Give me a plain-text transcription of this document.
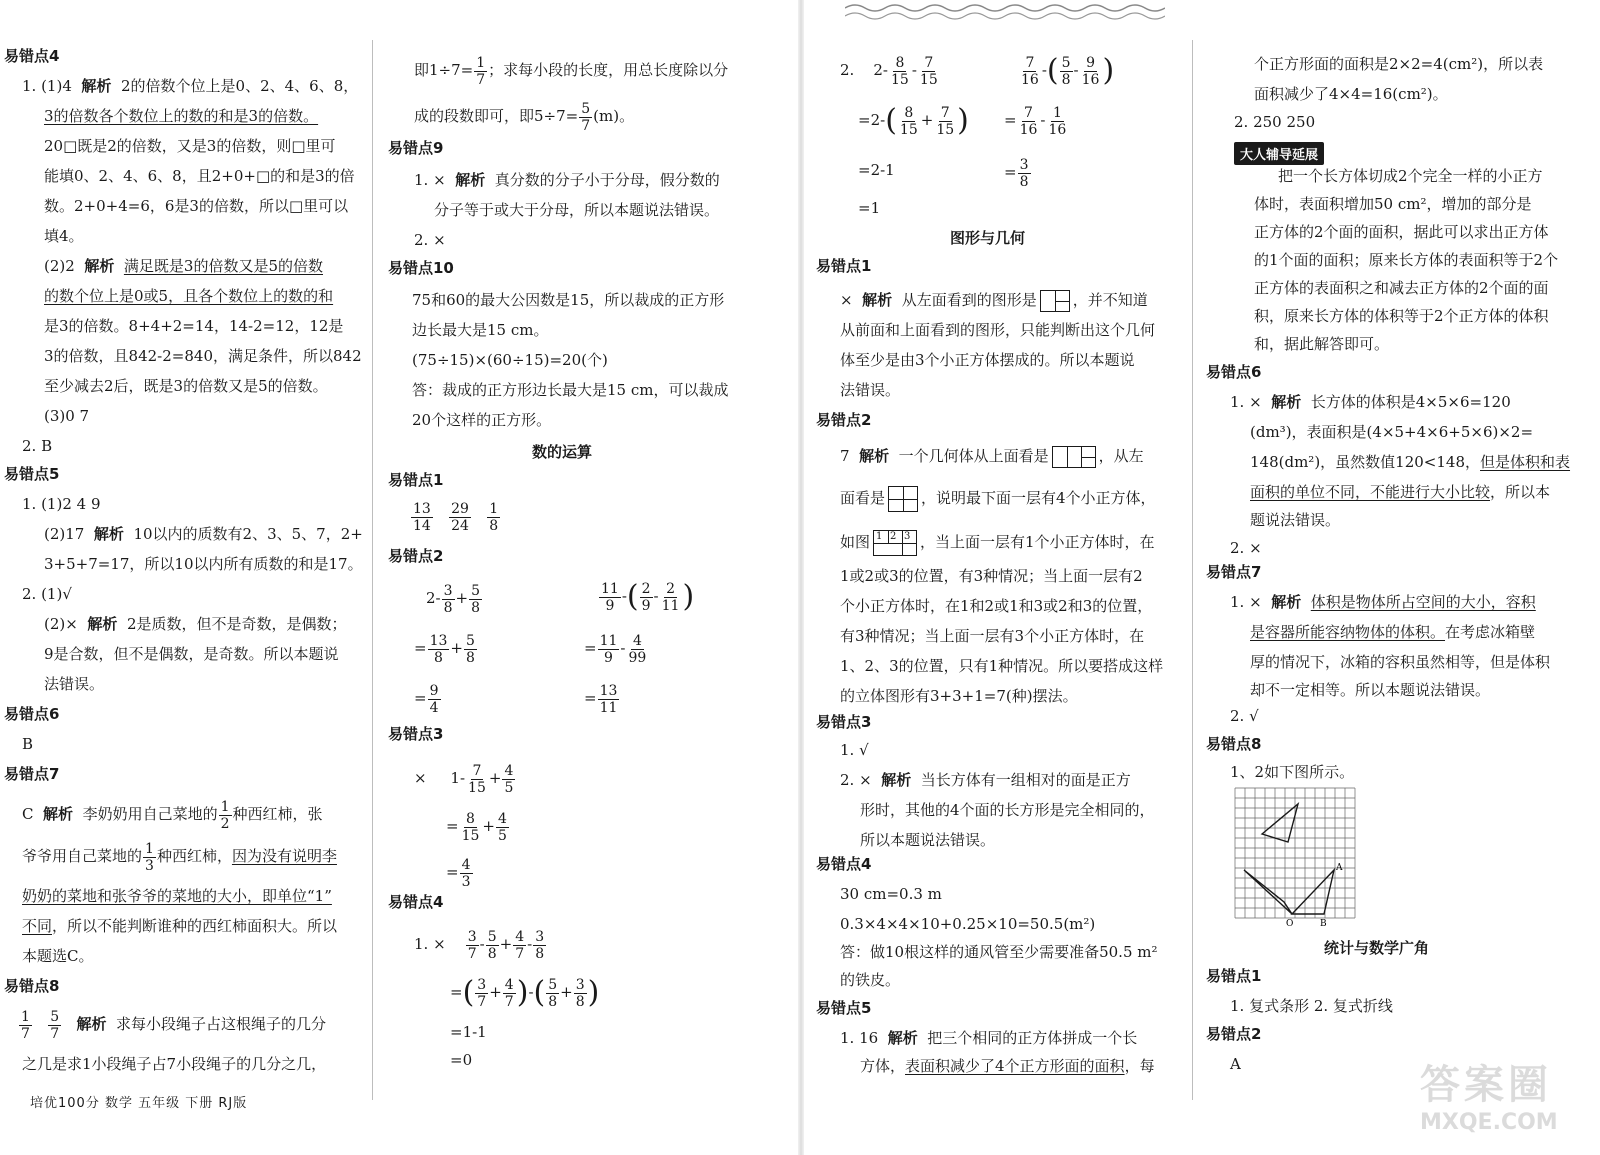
易错点4
1. (1)4 解析 2的倍数个位上是0、2、4、6、8，
3的倍数各个数位上的数的和是3的倍数。
20□既是2的倍数，又是3的倍数，则□里可
能填0、2、4、6、8，且2+0+□的和是3的倍
数。2+0+4=6，6是3的倍数，所以□里可以
填4。
(2)2 解析 满足既是3的倍数又是5的倍数
的数个位上是0或5，且各个数位上的数的和
是3的倍数。8+4+2=14，14-2=12，12是
3的倍数，且842-2=840，满足条件，所以842
至少减去2后，既是3的倍数又是5的倍数。
(3)0 7
2. B
易错点5
1. (1)2 4 9
(2)17 解析 10以内的质数有2、3、5、7，2+
3+5+7=17，所以10以内所有质数的和是17。
2. (1)√
(2)× 解析 2是质数，但不是奇数，是偶数；
9是合数，但不是偶数，是奇数。所以本题说
法错误。
易错点6
B
易错点7
C 解析 李奶奶用自己菜地的 $\frac{1}{2}$ 种西红柿，张
爷爷用自己菜地的 $\frac{1}{3}$ 种西红柿，因为没有说明李
奶奶的菜地和张爷爷的菜地的大小，即单位“1”
不同，所以不能判断谁种的西红柿面积大。所以
本题选C。
易错点8
$\frac{1}{7}$
$\frac{5}{7}$ 解析 求每小段绳子占这根绳子的几分
之几是求1小段绳子占7小段绳子的几分之几，
培优100分 数学 五年级 下册 RJ版
即$1\div 7= \frac{1}{7}$ ；求每小段的长度，用总长度除以分
成的段数即可，即$5\div 7= \frac{5}{7} (m)$。
易错点9
1. × 解析 真分数的分子小于分母，假分数的
分子等于或大于分母，所以本题说法错误。
2. ×
易错点10
75和60的最大公因数是15，所以裁成的正方形
边长最大是15 cm。
(75÷15)×(60÷15)=20(个)
答：裁成的正方形边长最大是15 cm，可以裁成
20个这样的正方形。
数的运算
易错点1
$\frac{13}{14}$
$\frac{29}{24}$
$\frac{1}{8}$
易错点2
$2- \frac{3}{8} + \frac{5}{8}$
= $\frac{13}{8} + \frac{5}{8}$
= $\frac{9}{4}$
$\frac{11}{9}$ -( $\frac{2}{9} - \frac{2}{11}$ )
= $\frac{11}{9} - \frac{4}{99}$
= $\frac{13}{11}$
易错点3
× $1- \frac{7}{15} + \frac{4}{5}$
= $\frac{8}{15} + \frac{4}{5}$
= $\frac{4}{3}$
易错点4
1. × $\frac{3}{7} - \frac{5}{8} + \frac{4}{7} - \frac{3}{8}$
=( $\frac{3}{7} + \frac{4}{7}$ )-( $\frac{5}{8} + \frac{3}{8}$ )
=1-1
=0
2. $2- \frac{8}{15} - \frac{7}{15}$
$=2-( \frac{8}{15} + \frac{7}{15}$ )
=2-1
=1
$\frac{7}{16}$ -( $\frac{5}{8} - \frac{9}{16}$ )
= $\frac{7}{16} - \frac{1}{16}$
= $\frac{3}{8}$
图形与几何
易错点1
× 解析 从左面看到的图形是 ，并不知道
从前面和上面看到的图形，只能判断出这个几何
体至少是由3个小正方体摆成的。所以本题说
法错误。
易错点2
7 解析 一个几何体从上面看是	，从左
面看是 ，说明最下面一层有4个小正方体，
如图 1 2 3 ，当上面一层有1个小正方体时，在
1或2或3的位置，有3种情况；当上面一层有2
个小正方体时，在1和2或1和3或2和3的位置，
有3种情况；当上面一层有3个小正方体时，在
1、2、3的位置，只有1种情况。所以要搭成这样
的立体图形有3+3+1=7(种)摆法。
易错点3
1. √
2. × 解析 当长方体有一组相对的面是正方
形时，其他的4个面的长方形是完全相同的，
所以本题说法错误。
易错点4
30 cm=0.3 m
0.3×4×4×10+0.25×10=50.5(m²)
答：做10根这样的通风管至少需要准备50.5 m²
的铁皮。
易错点5
1. 16 解析 把三个相同的正方体拼成一个长
方体，表面积减少了4个正方形面的面积，每
个正方形面的面积是2×2=4(cm²)，所以表
面积减少了4×4=16(cm²)。
2. 250 250
大人辅导延展
把一个长方体切成2个完全一样的小正方
体时，表面积增加50 cm²，增加的部分是
正方体的2个面的面积，据此可以求出正方体
的1个面的面积；原来长方体的表面积等于2个
正方体的表面积之和减去正方体的2个面的面
积，原来长方体的体积等于2个正方体的体积
和，据此解答即可。
易错点6
1. × 解析 长方体的体积是4×5×6=120
(dm³)，表面积是(4×5+4×6+5×6)×2=
148(dm²)，虽然数值120<148，但是体积和表
面积的单位不同，不能进行大小比较，所以本
题说法错误。
2. ×
易错点7
1. × 解析 体积是物体所占空间的大小，容积
是容器所能容纳物体的体积。在考虑冰箱壁
厚的情况下，冰箱的容积虽然相等，但是体积
却不一定相等。所以本题说法错误。
2. √
易错点8
1、2如下图所示。
A
O	B
统计与数学广角
易错点1
1. 复式条形 2. 复式折线
易错点2
A	答案圈
MXQE.COM
